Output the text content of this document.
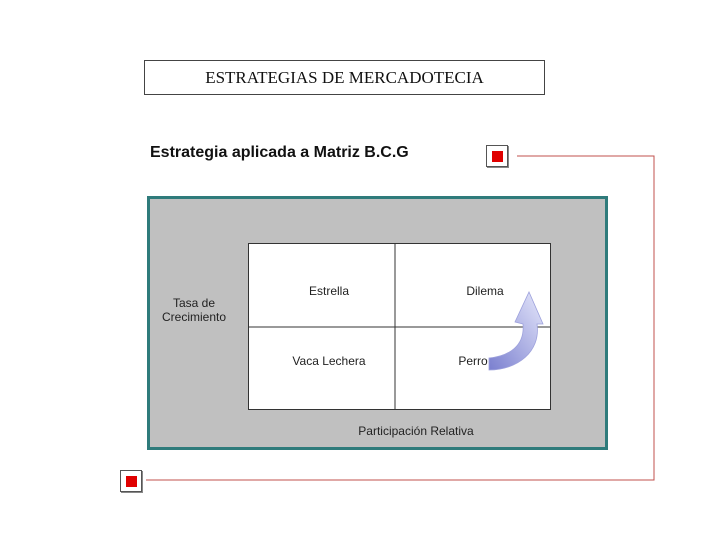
ESTRATEGIAS DE MERCADOTECIA
Estrategia aplicada a Matriz B.C.G
Tasa de Crecimiento
Estrella	Dilema
Vaca Lechera	Perro
Participación Relativa
